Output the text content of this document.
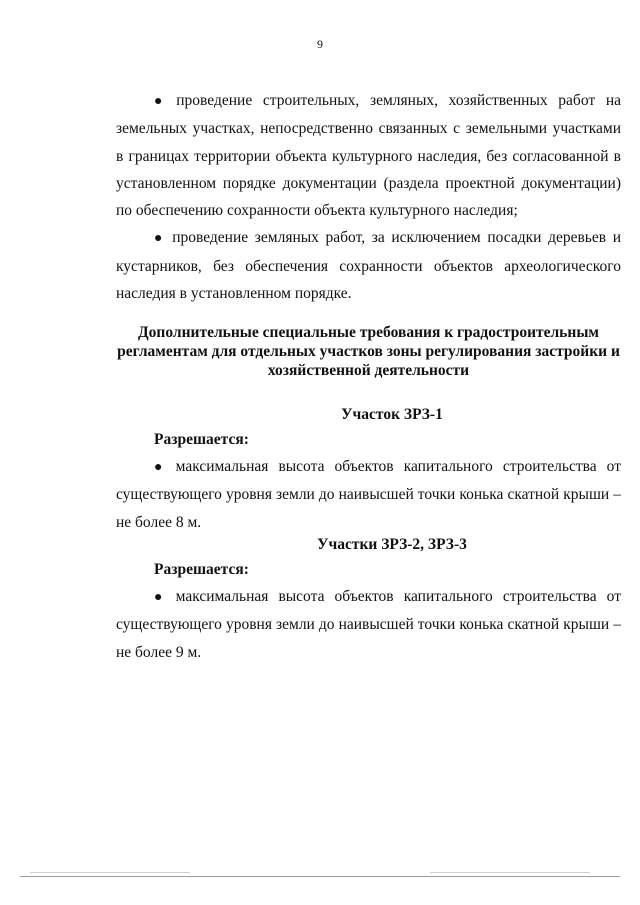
9

● проведение строительных, земляных, хозяйственных работ на земельных участках, непосредственно связанных с земельными участками в границах территории объекта культурного наследия, без согласованной в установленном порядке документации (раздела проектной документации) по обеспечению сохранности объекта культурного наследия;

● проведение земляных работ, за исключением посадки деревьев и кустарников, без обеспечения сохранности объектов археологического наследия в установленном порядке.

Дополнительные специальные требования к градостроительным
регламентам для отдельных участков зоны регулирования застройки и
хозяйственной деятельности
Участок ЗРЗ-1
Разрешается:

● максимальная высота объектов капитального строительства от существующего уровня земли до наивысшей точки конька скатной крыши – не более 8 м.

Участки ЗРЗ-2, ЗРЗ-3
Разрешается:

● максимальная высота объектов капитального строительства от существующего уровня земли до наивысшей точки конька скатной крыши – не более 9 м.
